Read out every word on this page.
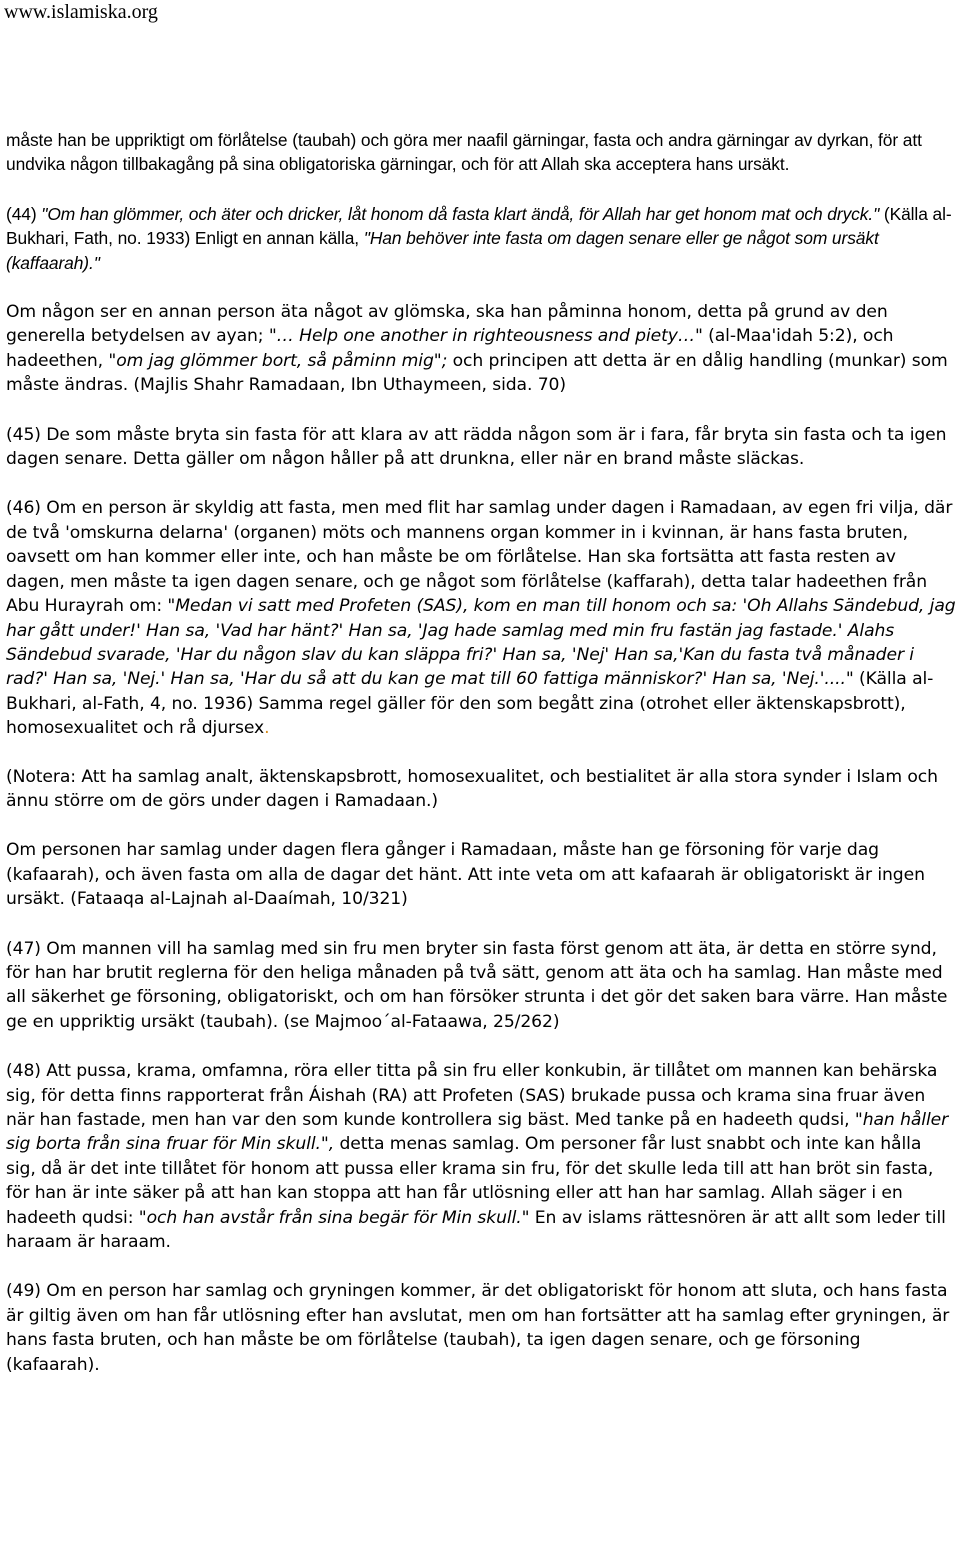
www.islamiska.org

måste han be uppriktigt om förlåtelse (taubah) och göra mer naafil gärningar, fasta och andra gärningar av dyrkan, för att undvika någon tillbakagång på sina obligatoriska gärningar, och för att Allah ska acceptera hans ursäkt.

(44) "Om han glömmer, och äter och dricker, låt honom då fasta klart ändå, för Allah har get honom mat och dryck." (Källa al-Bukhari, Fath, no. 1933) Enligt en annan källa, "Han behöver inte fasta om dagen senare eller ge något som ursäkt (kaffaarah)."

Om någon ser en annan person äta något av glömska, ska han påminna honom, detta på grund av den generella betydelsen av ayan; "… Help one another in righteousness and piety…" (al-Maa'idah 5:2), och hadeethen, "om jag glömmer bort, så påminn mig"; och principen att detta är en dålig handling (munkar) som måste ändras. (Majlis Shahr Ramadaan, Ibn Uthaymeen, sida. 70)

(45) De som måste bryta sin fasta för att klara av att rädda någon som är i fara, får bryta sin fasta och ta igen dagen senare. Detta gäller om någon håller på att drunkna, eller när en brand måste släckas.

(46) Om en person är skyldig att fasta, men med flit har samlag under dagen i Ramadaan, av egen fri vilja, där de två 'omskurna delarna' (organen) möts och mannens organ kommer in i kvinnan, är hans fasta bruten, oavsett om han kommer eller inte, och han måste be om förlåtelse. Han ska fortsätta att fasta resten av dagen, men måste ta igen dagen senare, och ge något som förlåtelse (kaffarah), detta talar hadeethen från Abu Hurayrah om: "Medan vi satt med Profeten (SAS), kom en man till honom och sa: 'Oh Allahs Sändebud, jag har gått under!' Han sa, 'Vad har hänt?' Han sa, 'Jag hade samlag med min fru fastän jag fastade.' Alahs Sändebud svarade, 'Har du någon slav du kan släppa fri?' Han sa, 'Nej' Han sa,'Kan du fasta två månader i rad?' Han sa, 'Nej.' Han sa, 'Har du så att du kan ge mat till 60 fattiga människor?' Han sa, 'Nej.'...." (Källa al-Bukhari, al-Fath, 4, no. 1936) Samma regel gäller för den som begått zina (otrohet eller äktenskapsbrott), homosexualitet och rå djursex.

(Notera: Att ha samlag analt, äktenskapsbrott, homosexualitet, och bestialitet är alla stora synder i Islam och ännu större om de görs under dagen i Ramadaan.)

Om personen har samlag under dagen flera gånger i Ramadaan, måste han ge försoning för varje dag (kafaarah), och även fasta om alla de dagar det hänt. Att inte veta om att kafaarah är obligatoriskt är ingen ursäkt. (Fataaqa al-Lajnah al-Daaímah, 10/321)

(47) Om mannen vill ha samlag med sin fru men bryter sin fasta först genom att äta, är detta en större synd, för han har brutit reglerna för den heliga månaden på två sätt, genom att äta och ha samlag. Han måste med all säkerhet ge försoning, obligatoriskt, och om han försöker strunta i det gör det saken bara värre. Han måste ge en uppriktig ursäkt (taubah). (se Majmoo´al-Fataawa, 25/262)

(48) Att pussa, krama, omfamna, röra eller titta på sin fru eller konkubin, är tillåtet om mannen kan behärska sig, för detta finns rapporterat från Áishah (RA) att Profeten (SAS) brukade pussa och krama sina fruar även när han fastade, men han var den som kunde kontrollera sig bäst. Med tanke på en hadeeth qudsi, "han håller sig borta från sina fruar för Min skull.", detta menas samlag. Om personer får lust snabbt och inte kan hålla sig, då är det inte tillåtet för honom att pussa eller krama sin fru, för det skulle leda till att han bröt sin fasta, för han är inte säker på att han kan stoppa att han får utlösning eller att han har samlag. Allah säger i en hadeeth qudsi: "och han avstår från sina begär för Min skull." En av islams rättesnören är att allt som leder till haraam är haraam.

(49) Om en person har samlag och gryningen kommer, är det obligatoriskt för honom att sluta, och hans fasta är giltig även om han får utlösning efter han avslutat, men om han fortsätter att ha samlag efter gryningen, är hans fasta bruten, och han måste be om förlåtelse (taubah), ta igen dagen senare, och ge försoning (kafaarah).
